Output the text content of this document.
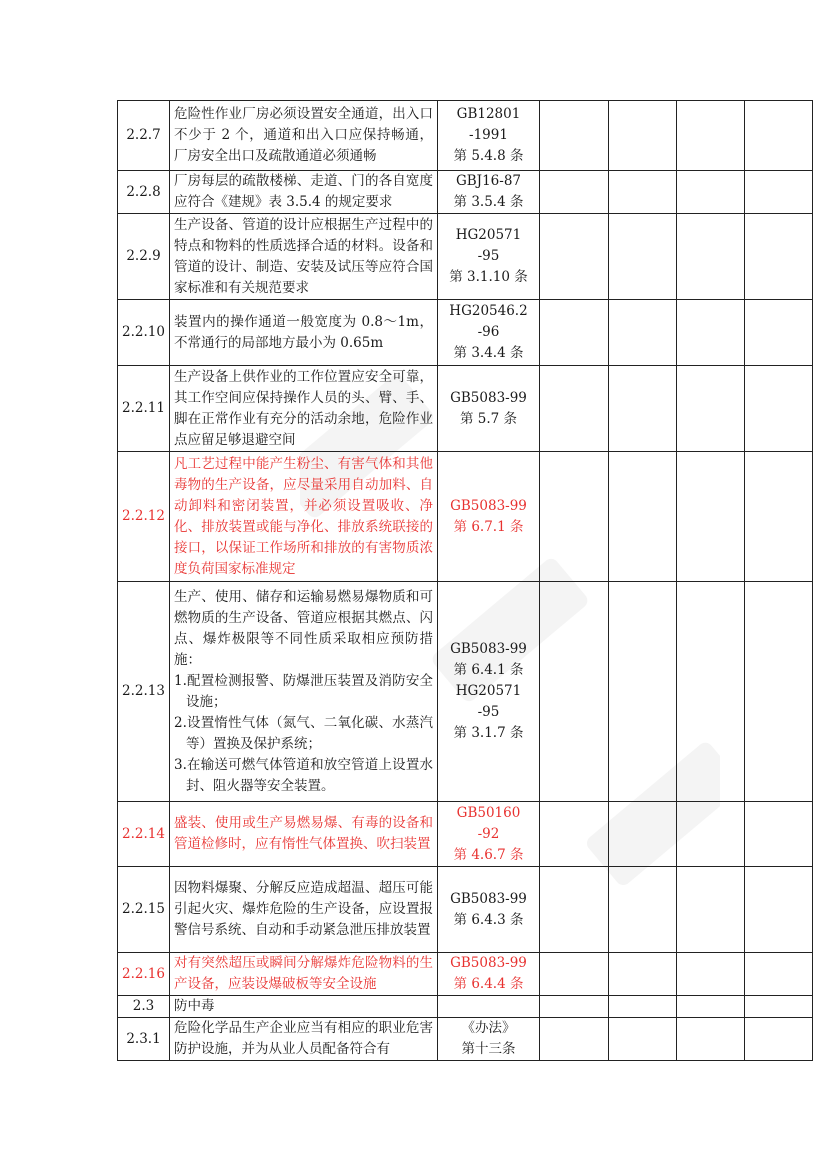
2.2.7	危险性作业厂房必须设置安全通道，出入口不少于 2 个，通道和出入口应保持畅通，厂房安全出口及疏散通道必须通畅	GB12801
-1991
第 5.4.8 条				

2.2.8	厂房每层的疏散楼梯、走道、门的各自宽度应符合《建规》表 3.5.4 的规定要求	GBJ16-87
第 3.5.4 条				

2.2.9	生产设备、管道的设计应根据生产过程中的特点和物料的性质选择合适的材料。设备和管道的设计、制造、安装及试压等应符合国家标准和有关规范要求	HG20571
-95
第 3.1.10 条				

2.2.10	装置内的操作通道一般宽度为 0.8～1m，不常通行的局部地方最小为 0.65m	HG20546.2
-96
第 3.4.4 条				

2.2.11	生产设备上供作业的工作位置应安全可靠，其工作空间应保持操作人员的头、臂、手、脚在正常作业有充分的活动余地，危险作业点应留足够退避空间	GB5083-99
第 5.7 条				

2.2.12	凡工艺过程中能产生粉尘、有害气体和其他毒物的生产设备，应尽量采用自动加料、自动卸料和密闭装置，并必须设置吸收、净化、排放装置或能与净化、排放系统联接的接口，以保证工作场所和排放的有害物质浓度负荷国家标准规定	GB5083-99
第 6.7.1 条				

2.2.13	生产、使用、储存和运输易燃易爆物质和可燃物质的生产设备、管道应根据其燃点、闪点、爆炸极限等不同性质采取相应预防措施：
1.配置检测报警、防爆泄压装置及消防安全设施；
2.设置惰性气体（氮气、二氧化碳、水蒸汽等）置换及保护系统；
3.在输送可燃气体管道和放空管道上设置水封、阻火器等安全装置。	GB5083-99
第 6.4.1 条
HG20571
-95
第 3.1.7 条				

2.2.14	盛装、使用或生产易燃易爆、有毒的设备和管道检修时，应有惰性气体置换、吹扫装置	GB50160
-92
第 4.6.7 条				

2.2.15	因物料爆聚、分解反应造成超温、超压可能引起火灾、爆炸危险的生产设备，应设置报警信号系统、自动和手动紧急泄压排放装置	GB5083-99
第 6.4.3 条				

2.2.16	对有突然超压或瞬间分解爆炸危险物料的生产设备，应装设爆破板等安全设施	GB5083-99
第 6.4.4 条				

2.3	防中毒					

2.3.1	危险化学品生产企业应当有相应的职业危害防护设施，并为从业人员配备符合有	《办法》
第十三条				
